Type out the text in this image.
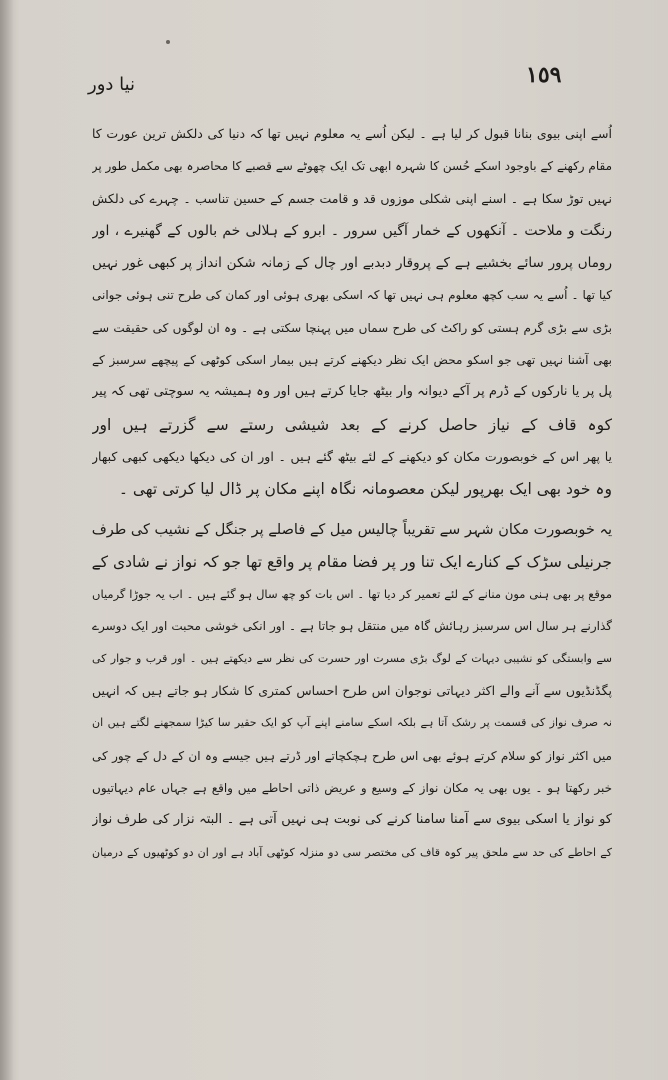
١٥٩
نیا دور
اُسے اپنی بیوی بنانا قبول کر لیا ہے ۔ لیکن اُسے یہ معلوم نہیں تھا کہ دنیا کی دلکش ترین عورت کا
مقام رکھنے کے باوجود اسکے حُسن کا شہرہ ابھی تک ایک چھوٹے سے قصبے کا محاصرہ بھی مکمل طور پر
نہیں توڑ سکا ہے ۔ اسنے اپنی شکلی موزوں قد و قامت جسم کے حسین تناسب ۔ چہرے کی دلکش
رنگت و ملاحت ۔ آنکھوں کے خمار آگیں سرور ۔ ابرو کے ہلالی خم بالوں کے گھنیرے ، اور
روماں پرور سائے بخشیے ہے کے پروقار دبدبے اور چال کے زمانہ شکن انداز پر کبھی غور نہیں
کیا تھا ۔ اُسے یہ سب کچھ معلوم ہی نہیں تھا کہ اسکی بھری ہوئی اور کمان کی طرح تنی ہوئی جوانی
بڑی سے بڑی گرم ہستی کو راکٹ کی طرح سماں میں پہنچا سکتی ہے ۔ وہ ان لوگوں کی حقیقت سے
بھی آشنا نہیں تھی جو اسکو محض ایک نظر دیکھنے کرتے ہیں بیمار اسکی کوٹھی کے پیچھے سرسبز کے
پل پر یا نارکوں کے ڈرم پر آکے دیوانہ وار بیٹھ جایا کرتے ہیں اور وہ ہمیشہ یہ سوچتی تھی کہ پیر
کوہ قاف کے نیاز حاصل کرنے کے بعد شیشی رستے سے گزرتے ہیں اور
یا پھر اس کے خوبصورت مکان کو دیکھنے کے لئے بیٹھ گئے ہیں ۔ اور ان کی دیکھا دیکھی کبھی کبھار
وہ خود بھی ایک بھرپور لیکن معصومانہ نگاہ اپنے مکان پر ڈال لیا کرتی تھی ۔
یہ خوبصورت مکان شہر سے تقریباً چالیس میل کے فاصلے پر جنگل کے نشیب کی طرف
جرنیلی سڑک کے کنارے ایک تنا ور پر فضا مقام پر واقع تھا جو کہ نواز نے شادی کے
موقع پر بھی ہنی مون منانے کے لئے تعمیر کر دیا تھا ۔ اس بات کو چھ سال ہو گئے ہیں ۔ اب یہ جوڑا گرمیاں
گذارنے ہر سال اس سرسبز رہائش گاہ میں منتقل ہو جاتا ہے ۔ اور انکی خوشی محبت اور ایک دوسرے
سے وابستگی کو نشیبی دیہات کے لوگ بڑی مسرت اور حسرت کی نظر سے دیکھتے ہیں ۔ اور قرب و جوار کی
پگڈنڈیوں سے آنے والے اکثر دیہاتی نوجوان اس طرح احساس کمتری کا شکار ہو جاتے ہیں کہ انہیں
نہ صرف نواز کی قسمت پر رشک آتا ہے بلکہ اسکے سامنے اپنے آپ کو ایک حقیر سا کیڑا سمجھنے لگتے ہیں ان
میں اکثر نواز کو سلام کرتے ہوئے بھی اس طرح ہچکچاتے اور ڈرتے ہیں جیسے وہ ان کے دل کے چور کی
خبر رکھتا ہو ۔ یوں بھی یہ مکان نواز کے وسیع و عریض ذاتی احاطے میں واقع ہے جہاں عام دیہاتیوں
کو نواز یا اسکی بیوی سے آمنا سامنا کرنے کی نوبت ہی نہیں آتی ہے ۔ البتہ نزار کی طرف نواز
کے احاطے کی حد سے ملحق پیر کوہ قاف کی مختصر سی دو منزلہ کوٹھی آباد ہے اور ان دو کوٹھیوں کے درمیان
